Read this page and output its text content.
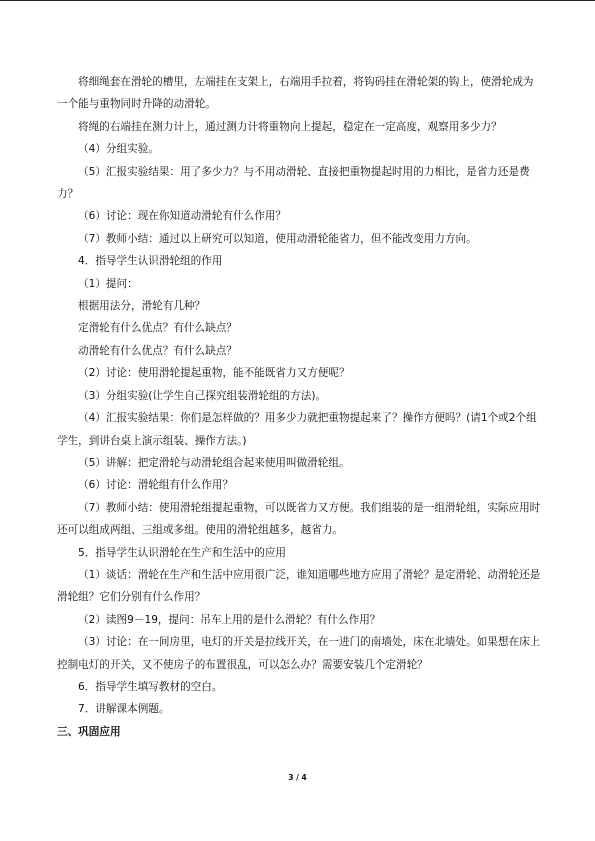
将细绳套在滑轮的槽里，左端挂在支架上，右端用手拉着，将钩码挂在滑轮架的钩上，使滑轮成为一个能与重物同时升降的动滑轮。

将绳的右端挂在测力计上，通过测力计将重物向上提起，稳定在一定高度，观察用多少力？

（4）分组实验。

（5）汇报实验结果：用了多少力？与不用动滑轮、直接把重物提起时用的力相比，是省力还是费力？

（6）讨论：现在你知道动滑轮有什么作用？

（7）教师小结：通过以上研究可以知道，使用动滑轮能省力，但不能改变用力方向。

4．指导学生认识滑轮组的作用

（1）提问：

根据用法分，滑轮有几种？

定滑轮有什么优点？有什么缺点？

动滑轮有什么优点？有什么缺点？

（2）讨论：使用滑轮提起重物，能不能既省力又方便呢？

（3）分组实验(让学生自己探究组装滑轮组的方法)。

（4）汇报实验结果：你们是怎样做的？用多少力就把重物提起来了？操作方便吗？(请1个或2个组学生，到讲台桌上演示组装、操作方法。)

（5）讲解：把定滑轮与动滑轮组合起来使用叫做滑轮组。

（6）讨论：滑轮组有什么作用？

（7）教师小结：使用滑轮组提起重物，可以既省力又方便。我们组装的是一组滑轮组，实际应用时还可以组成两组、三组或多组。使用的滑轮组越多，越省力。

5．指导学生认识滑轮在生产和生活中的应用

（1）谈话：滑轮在生产和生活中应用很广泛，谁知道哪些地方应用了滑轮？是定滑轮、动滑轮还是滑轮组？它们分别有什么作用？

（2）读图9－19，提问：吊车上用的是什么滑轮？有什么作用？

（3）讨论：在一间房里，电灯的开关是拉线开关，在一进门的南墙处，床在北墙处。如果想在床上控制电灯的开关，又不使房子的布置很乱，可以怎么办？需要安装几个定滑轮？

6．指导学生填写教材的空白。

7．讲解课本例题。

三、巩固应用

3 / 4
